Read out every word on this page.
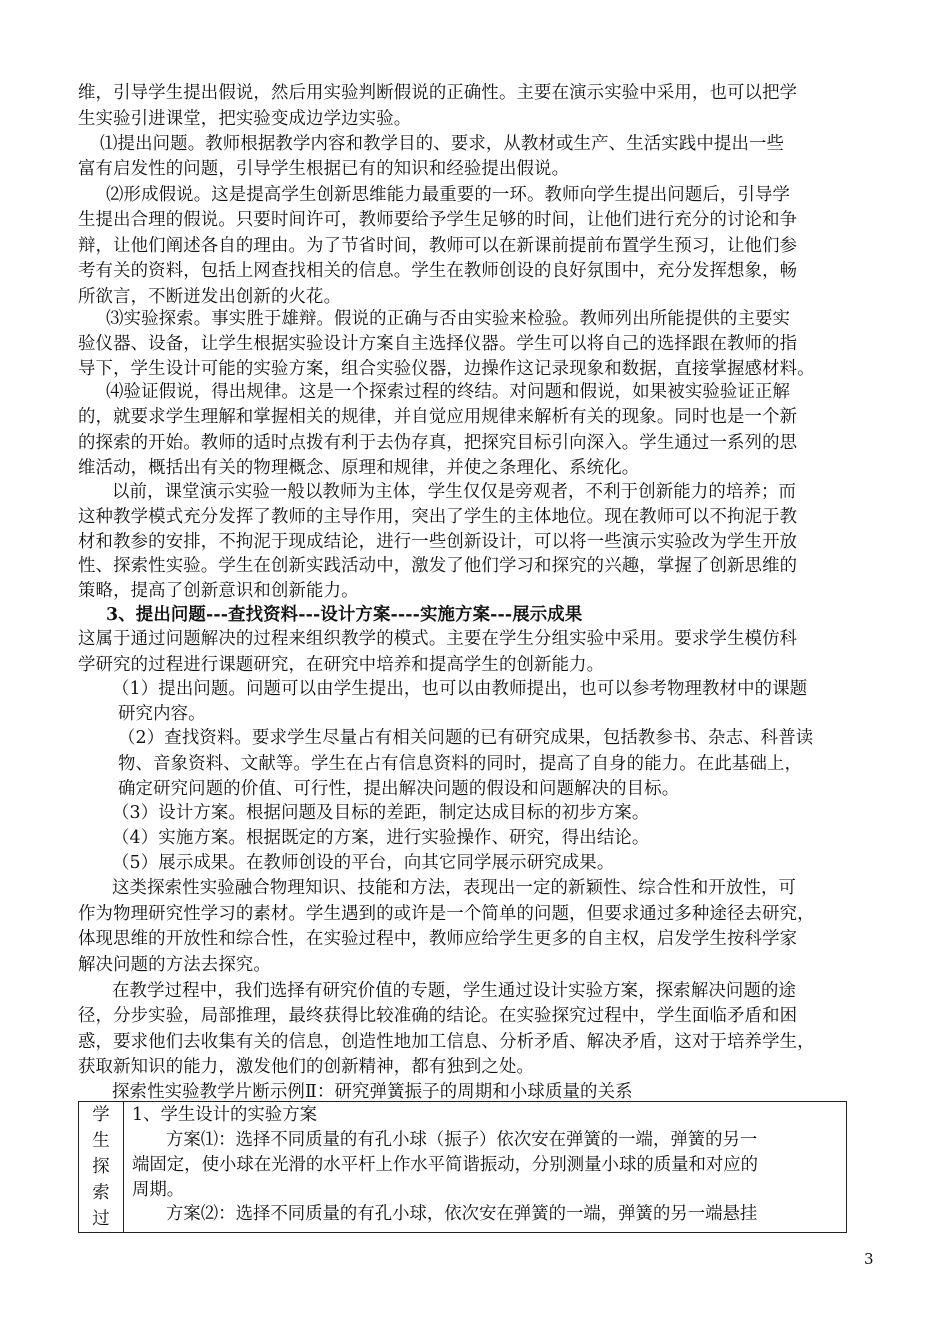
维，引导学生提出假说，然后用实验判断假说的正确性。主要在演示实验中采用，也可以把学
生实验引进课堂，把实验变成边学边实验。
⑴提出问题。教师根据教学内容和教学目的、要求，从教材或生产、生活实践中提出一些
富有启发性的问题，引导学生根据已有的知识和经验提出假说。
⑵形成假说。这是提高学生创新思维能力最重要的一环。教师向学生提出问题后，引导学
生提出合理的假说。只要时间许可，教师要给予学生足够的时间，让他们进行充分的讨论和争
辩，让他们阐述各自的理由。为了节省时间，教师可以在新课前提前布置学生预习，让他们参
考有关的资料，包括上网查找相关的信息。学生在教师创设的良好氛围中，充分发挥想象，畅
所欲言，不断迸发出创新的火花。
⑶实验探索。事实胜于雄辩。假说的正确与否由实验来检验。教师列出所能提供的主要实
验仪器、设备，让学生根据实验设计方案自主选择仪器。学生可以将自己的选择跟在教师的指
导下，学生设计可能的实验方案，组合实验仪器，边操作这记录现象和数据，直接掌握感材料。
⑷验证假说，得出规律。这是一个探索过程的终结。对问题和假说，如果被实验验证正解
的，就要求学生理解和掌握相关的规律，并自觉应用规律来解析有关的现象。同时也是一个新
的探索的开始。教师的适时点拨有利于去伪存真，把探究目标引向深入。学生通过一系列的思
维活动，概括出有关的物理概念、原理和规律，并使之条理化、系统化。
以前，课堂演示实验一般以教师为主体，学生仅仅是旁观者，不利于创新能力的培养；而
这种教学模式充分发挥了教师的主导作用，突出了学生的主体地位。现在教师可以不拘泥于教
材和教参的安排，不拘泥于现成结论，进行一些创新设计，可以将一些演示实验改为学生开放
性、探索性实验。学生在创新实践活动中，激发了他们学习和探究的兴趣，掌握了创新思维的
策略，提高了创新意识和创新能力。
3、提出问题---查找资料---设计方案----实施方案---展示成果
这属于通过问题解决的过程来组织教学的模式。主要在学生分组实验中采用。要求学生模仿科
学研究的过程进行课题研究，在研究中培养和提高学生的创新能力。
（1）提出问题。问题可以由学生提出，也可以由教师提出，也可以参考物理教材中的课题
研究内容。
（2）查找资料。要求学生尽量占有相关问题的已有研究成果，包括教参书、杂志、科普读
物、音象资料、文献等。学生在占有信息资料的同时，提高了自身的能力。在此基础上，
确定研究问题的价值、可行性，提出解决问题的假设和问题解决的目标。
（3）设计方案。根据问题及目标的差距，制定达成目标的初步方案。
（4）实施方案。根据既定的方案，进行实验操作、研究，得出结论。
（5）展示成果。在教师创设的平台，向其它同学展示研究成果。
这类探索性实验融合物理知识、技能和方法，表现出一定的新颖性、综合性和开放性，可
作为物理研究性学习的素材。学生遇到的或许是一个简单的问题，但要求通过多种途径去研究，
体现思维的开放性和综合性，在实验过程中，教师应给学生更多的自主权，启发学生按科学家
解决问题的方法去探究。
在教学过程中，我们选择有研究价值的专题，学生通过设计实验方案，探索解决问题的途
径，分步实验，局部推理，最终获得比较准确的结论。在实验探究过程中，学生面临矛盾和困
惑，要求他们去收集有关的信息，创造性地加工信息、分析矛盾、解决矛盾，这对于培养学生，
获取新知识的能力，激发他们的创新精神，都有独到之处。
探索性实验教学片断示例Ⅱ：研究弹簧振子的周期和小球质量的关系
学
生
探
索
过

1、学生设计的实验方案
方案⑴：选择不同质量的有孔小球（振子）依次安在弹簧的一端，弹簧的另一
端固定，使小球在光滑的水平杆上作水平简谐振动，分别测量小球的质量和对应的
周期。
方案⑵：选择不同质量的有孔小球，依次安在弹簧的一端，弹簧的另一端悬挂
3
